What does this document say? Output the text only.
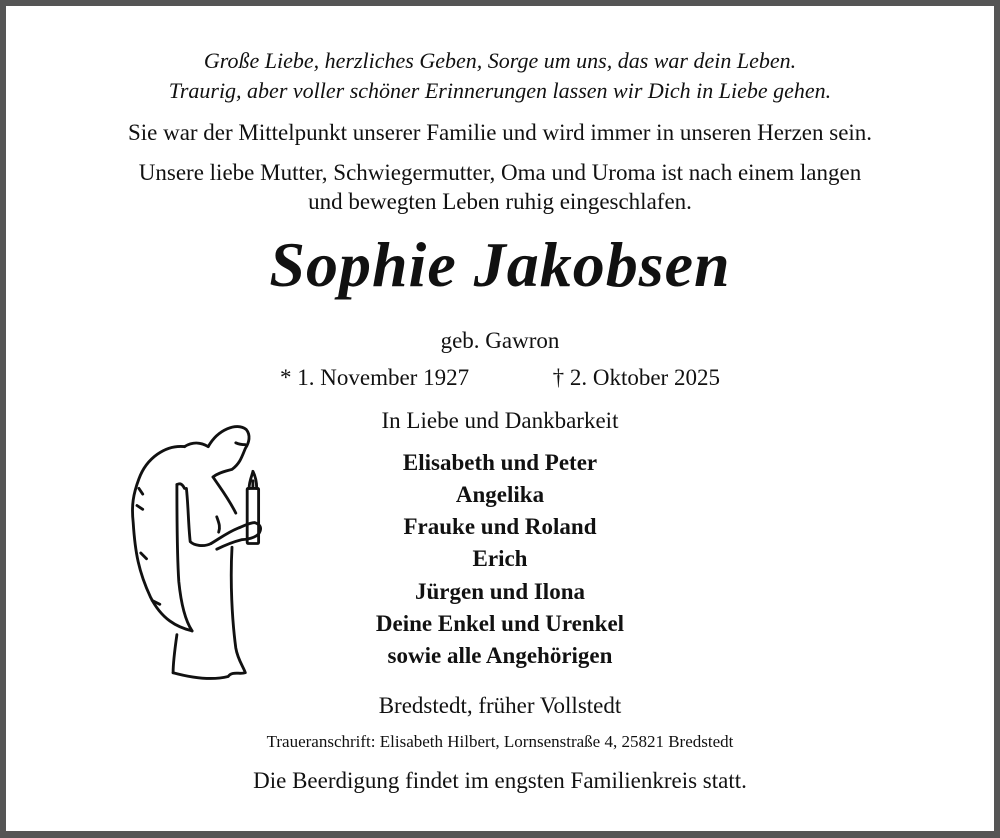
Große Liebe, herzliches Geben, Sorge um uns, das war dein Leben.
Traurig, aber voller schöner Erinnerungen lassen wir Dich in Liebe gehen.
Sie war der Mittelpunkt unserer Familie und wird immer in unseren Herzen sein.
Unsere liebe Mutter, Schwiegermutter, Oma und Uroma ist nach einem langen
und bewegten Leben ruhig eingeschlafen.
Sophie Jakobsen
geb. Gawron
* 1. November 1927	† 2. Oktober 2025
In Liebe und Dankbarkeit
Elisabeth und Peter
Angelika
Frauke und Roland
Erich
Jürgen und Ilona
Deine Enkel und Urenkel
sowie alle Angehörigen
Bredstedt, früher Vollstedt
Traueranschrift: Elisabeth Hilbert, Lornsenstraße 4, 25821 Bredstedt
Die Beerdigung findet im engsten Familienkreis statt.
